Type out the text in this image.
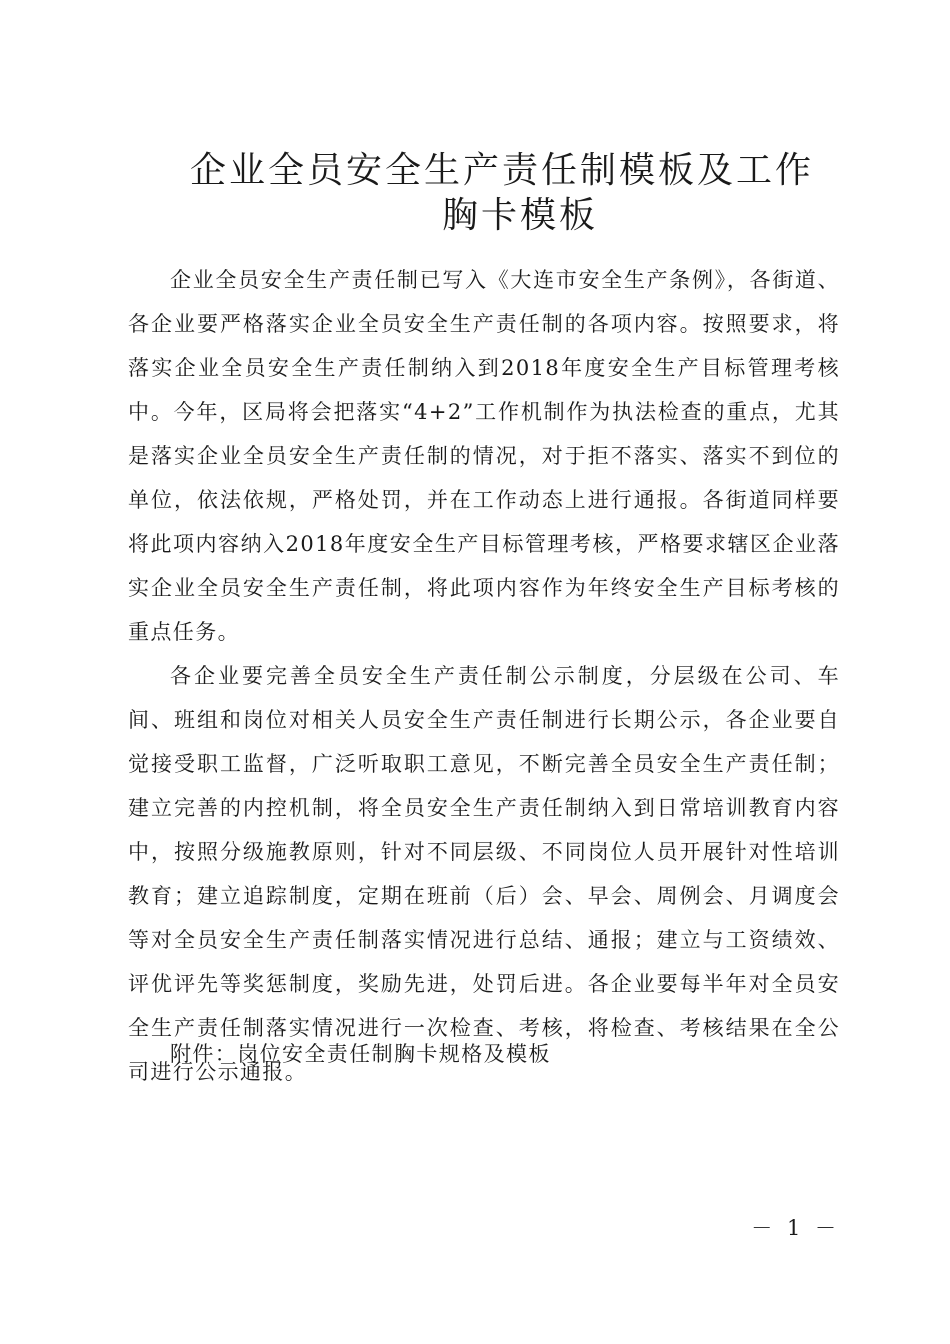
企业全员安全生产责任制模板及工作
胸卡模板

企业全员安全生产责任制已写入《大连市安全生产条例》，各街道、各企业要严格落实企业全员安全生产责任制的各项内容。按照要求，将落实企业全员安全生产责任制纳入到2018年度安全生产目标管理考核中。今年，区局将会把落实“4+2”工作机制作为执法检查的重点，尤其是落实企业全员安全生产责任制的情况，对于拒不落实、落实不到位的单位，依法依规，严格处罚，并在工作动态上进行通报。各街道同样要将此项内容纳入2018年度安全生产目标管理考核，严格要求辖区企业落实企业全员安全生产责任制，将此项内容作为年终安全生产目标考核的重点任务。

各企业要完善全员安全生产责任制公示制度，分层级在公司、车间、班组和岗位对相关人员安全生产责任制进行长期公示，各企业要自觉接受职工监督，广泛听取职工意见，不断完善全员安全生产责任制；建立完善的内控机制，将全员安全生产责任制纳入到日常培训教育内容中，按照分级施教原则，针对不同层级、不同岗位人员开展针对性培训教育；建立追踪制度，定期在班前（后）会、早会、周例会、月调度会等对全员安全生产责任制落实情况进行总结、通报；建立与工资绩效、评优评先等奖惩制度，奖励先进，处罚后进。各企业要每半年对全员安全生产责任制落实情况进行一次检查、考核，将检查、考核结果在全公司进行公示通报。

附件：岗位安全责任制胸卡规格及模板
－ 1 －
